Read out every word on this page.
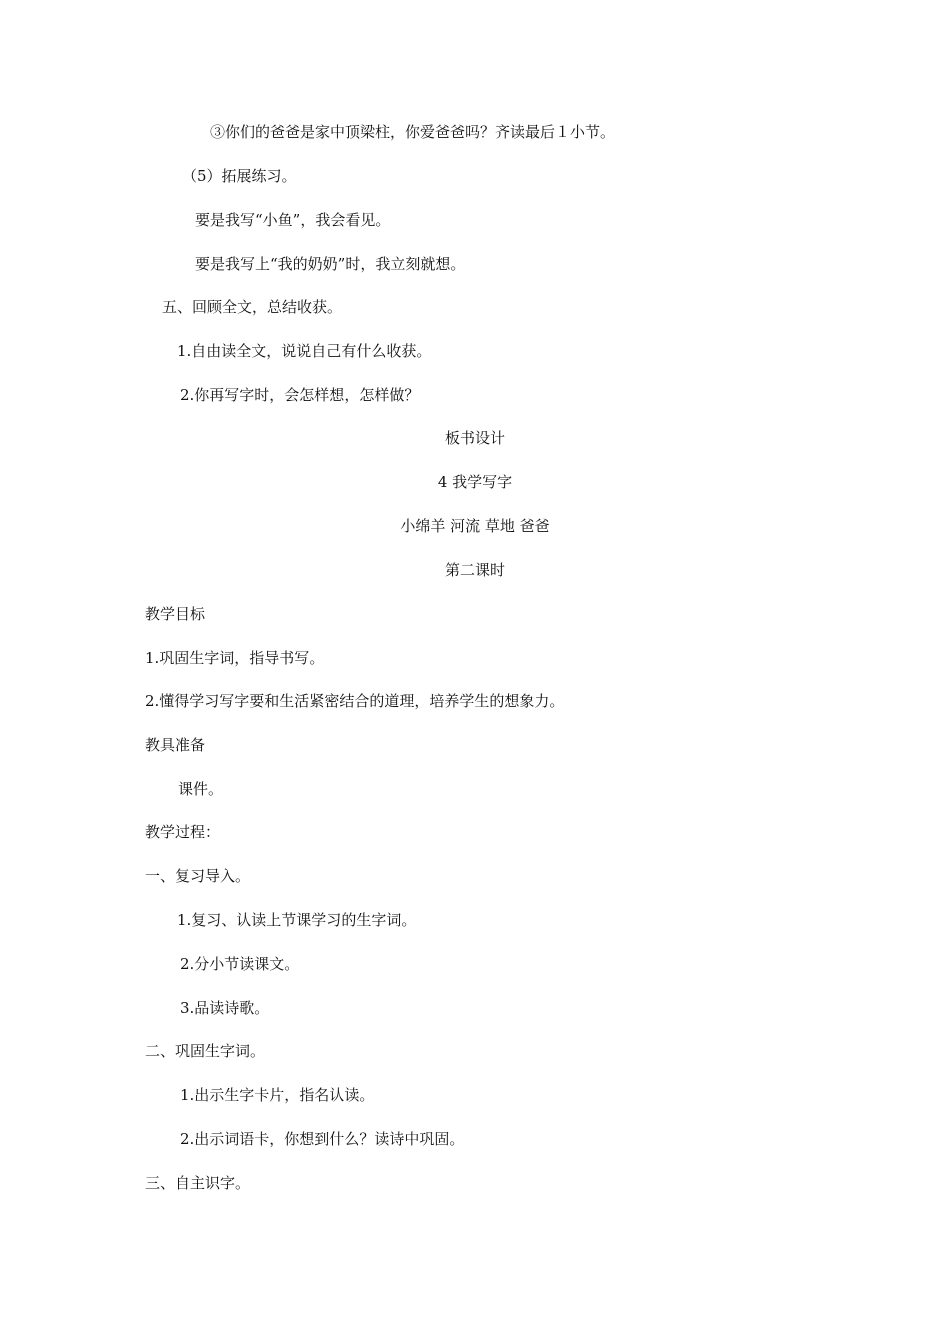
③你们的爸爸是家中顶梁柱，你爱爸爸吗？齐读最后１小节。
（5）拓展练习。
要是我写“小鱼”，我会看见。
要是我写上“我的奶奶”时，我立刻就想。
五、回顾全文，总结收获。
1.自由读全文，说说自己有什么收获。
2.你再写字时，会怎样想，怎样做？
板书设计
4 我学写字
小绵羊 河流 草地 爸爸
第二课时
教学目标
1.巩固生字词，指导书写。
2.懂得学习写字要和生活紧密结合的道理，培养学生的想象力。
教具准备
课件。
教学过程：
一、复习导入。
1.复习、认读上节课学习的生字词。
2.分小节读课文。
3.品读诗歌。
二、巩固生字词。
1.出示生字卡片，指名认读。
2.出示词语卡，你想到什么？读诗中巩固。
三、自主识字。
